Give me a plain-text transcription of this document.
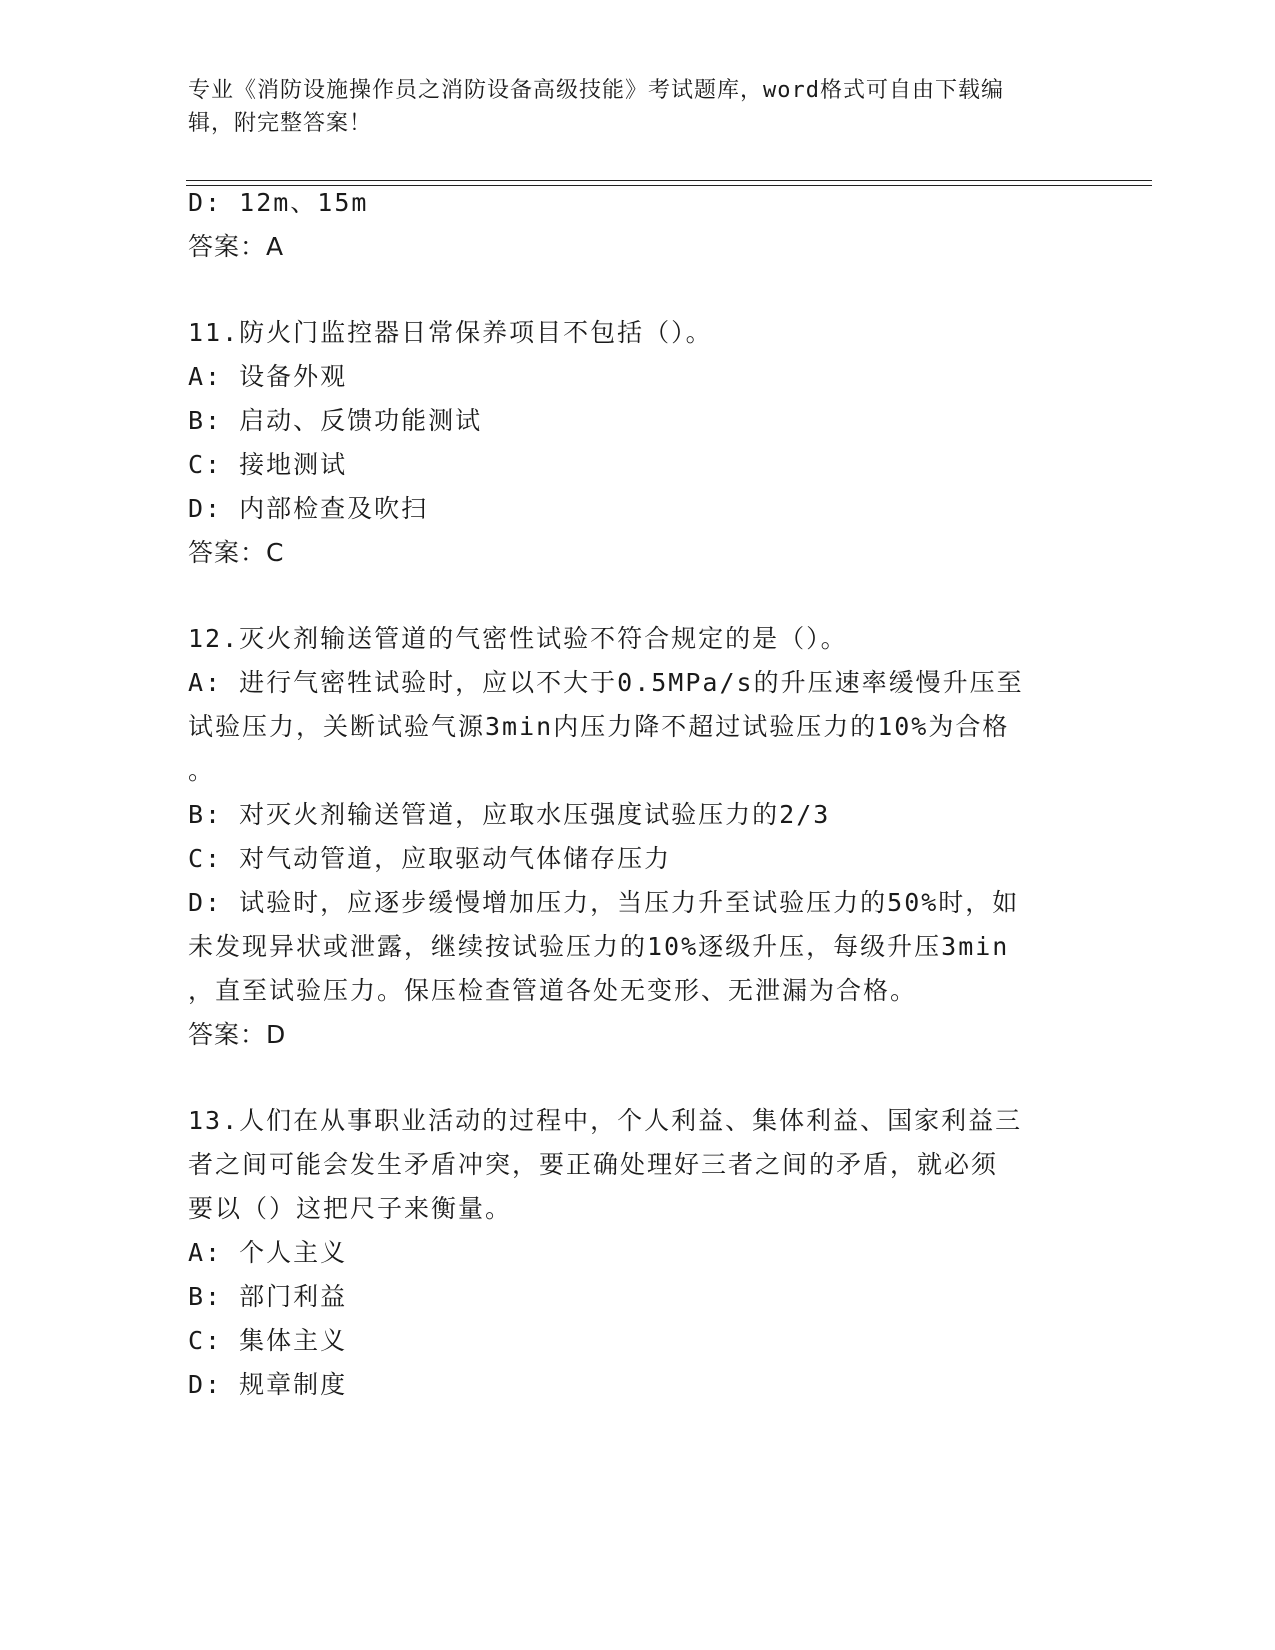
专业《消防设施操作员之消防设备高级技能》考试题库，word格式可自由下载编
辑，附完整答案！
D: 12m、15m
答案：A
11.防火门监控器日常保养项目不包括（）。
A: 设备外观
B: 启动、反馈功能测试
C: 接地测试
D: 内部检查及吹扫
答案：C
12.灭火剂输送管道的气密性试验不符合规定的是（）。
A: 进行气密牲试验时，应以不大于0.5MPa/s的升压速率缓慢升压至
试验压力，关断试验气源3min内压力降不超过试验压力的10%为合格
。
B: 对灭火剂输送管道，应取水压强度试验压力的2/3
C: 对气动管道，应取驱动气体储存压力
D: 试验时，应逐步缓慢增加压力，当压力升至试验压力的50%时，如
未发现异状或泄露，继续按试验压力的10%逐级升压，每级升压3min
，直至试验压力。保压检查管道各处无变形、无泄漏为合格。
答案：D
13.人们在从事职业活动的过程中，个人利益、集体利益、国家利益三
者之间可能会发生矛盾冲突，要正确处理好三者之间的矛盾，就必须
要以（）这把尺子来衡量。
A: 个人主义
B: 部门利益
C: 集体主义
D: 规章制度
